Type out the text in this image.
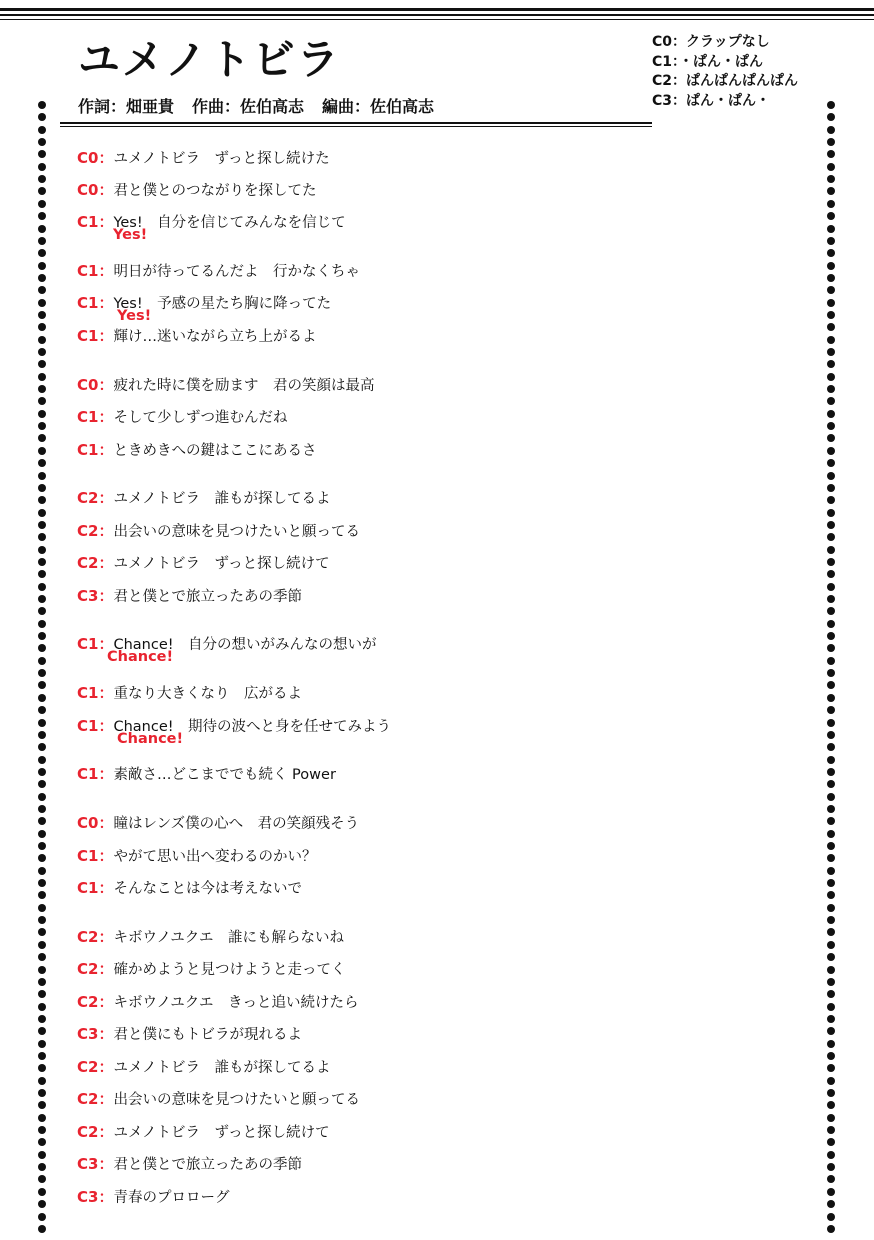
ユメノトビラ
作詞：畑亜貴 作曲：佐伯高志 編曲：佐伯高志
C0：クラップなし
C1：・ぱん・ぱん
C2：ぱんぱんぱんぱん
C3：ぱん・ぱん・
C0：ユメノトビラ　ずっと探し続けた
C0：君と僕とのつながりを探してた
C1：Yes!　自分を信じてみんなを信じて
Yes!
C1：明日が待ってるんだよ　行かなくちゃ
C1：Yes!　予感の星たち胸に降ってた
Yes!
C1：輝け…迷いながら立ち上がるよ
C0：疲れた時に僕を励ます　君の笑顔は最高
C1：そして少しずつ進むんだね
C1：ときめきへの鍵はここにあるさ
C2：ユメノトビラ　誰もが探してるよ
C2：出会いの意味を見つけたいと願ってる
C2：ユメノトビラ　ずっと探し続けて
C3：君と僕とで旅立ったあの季節
C1：Chance!　自分の想いがみんなの想いが
Chance!
C1：重なり大きくなり　広がるよ
C1：Chance!　期待の波へと身を任せてみよう
Chance!
C1：素敵さ…どこまででも続く Power
C0：瞳はレンズ僕の心へ　君の笑顔残そう
C1：やがて思い出へ変わるのかい？
C1：そんなことは今は考えないで
C2：キボウノユクエ　誰にも解らないね
C2：確かめようと見つけようと走ってく
C2：キボウノユクエ　きっと追い続けたら
C3：君と僕にもトビラが現れるよ
C2：ユメノトビラ　誰もが探してるよ
C2：出会いの意味を見つけたいと願ってる
C2：ユメノトビラ　ずっと探し続けて
C3：君と僕とで旅立ったあの季節
C3：青春のプロローグ
